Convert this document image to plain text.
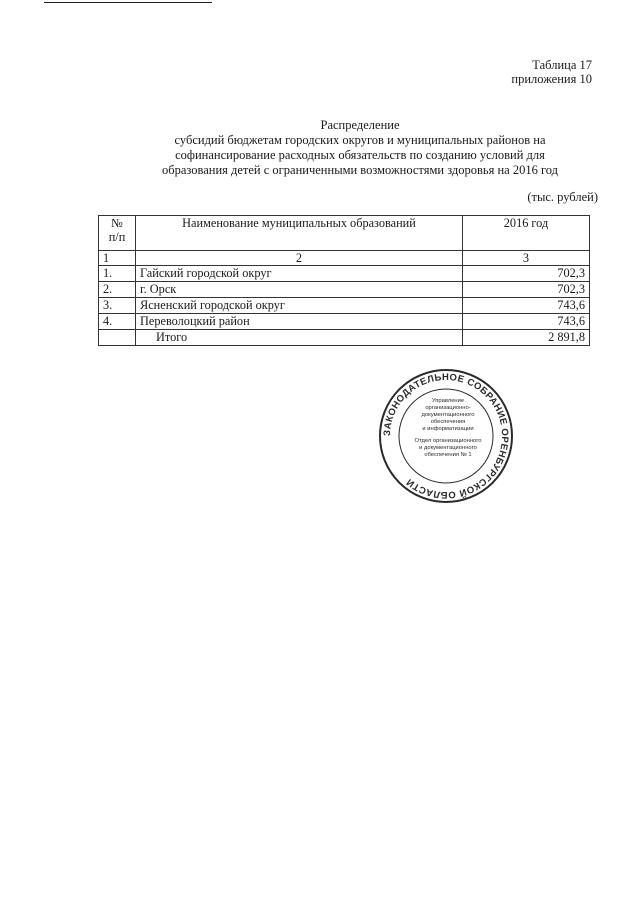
Таблица 17
приложения 10
Распределение
субсидий бюджетам городских округов и муниципальных районов на
софинансирование расходных обязательств по созданию условий для
образования детей с ограниченными возможностями здоровья на 2016 год
(тыс. рублей)
№
п/п	Наименование муниципальных образований	2016 год
1	2	3
1.	Гайский городской округ	702,3
2.	г. Орск	702,3
3.	Ясненский городской округ	743,6
4.	Переволоцкий район	743,6
	Итого	2 891,8
ЗАКОНОДАТЕЛЬНОЕ СОБРАНИЕ ОРЕНБУРГСКОЙ ОБЛАСТИ
Управление
организационно-
документационного
обеспечения
и информатизации
Отдел организационного
и документационного
обеспечения № 1
